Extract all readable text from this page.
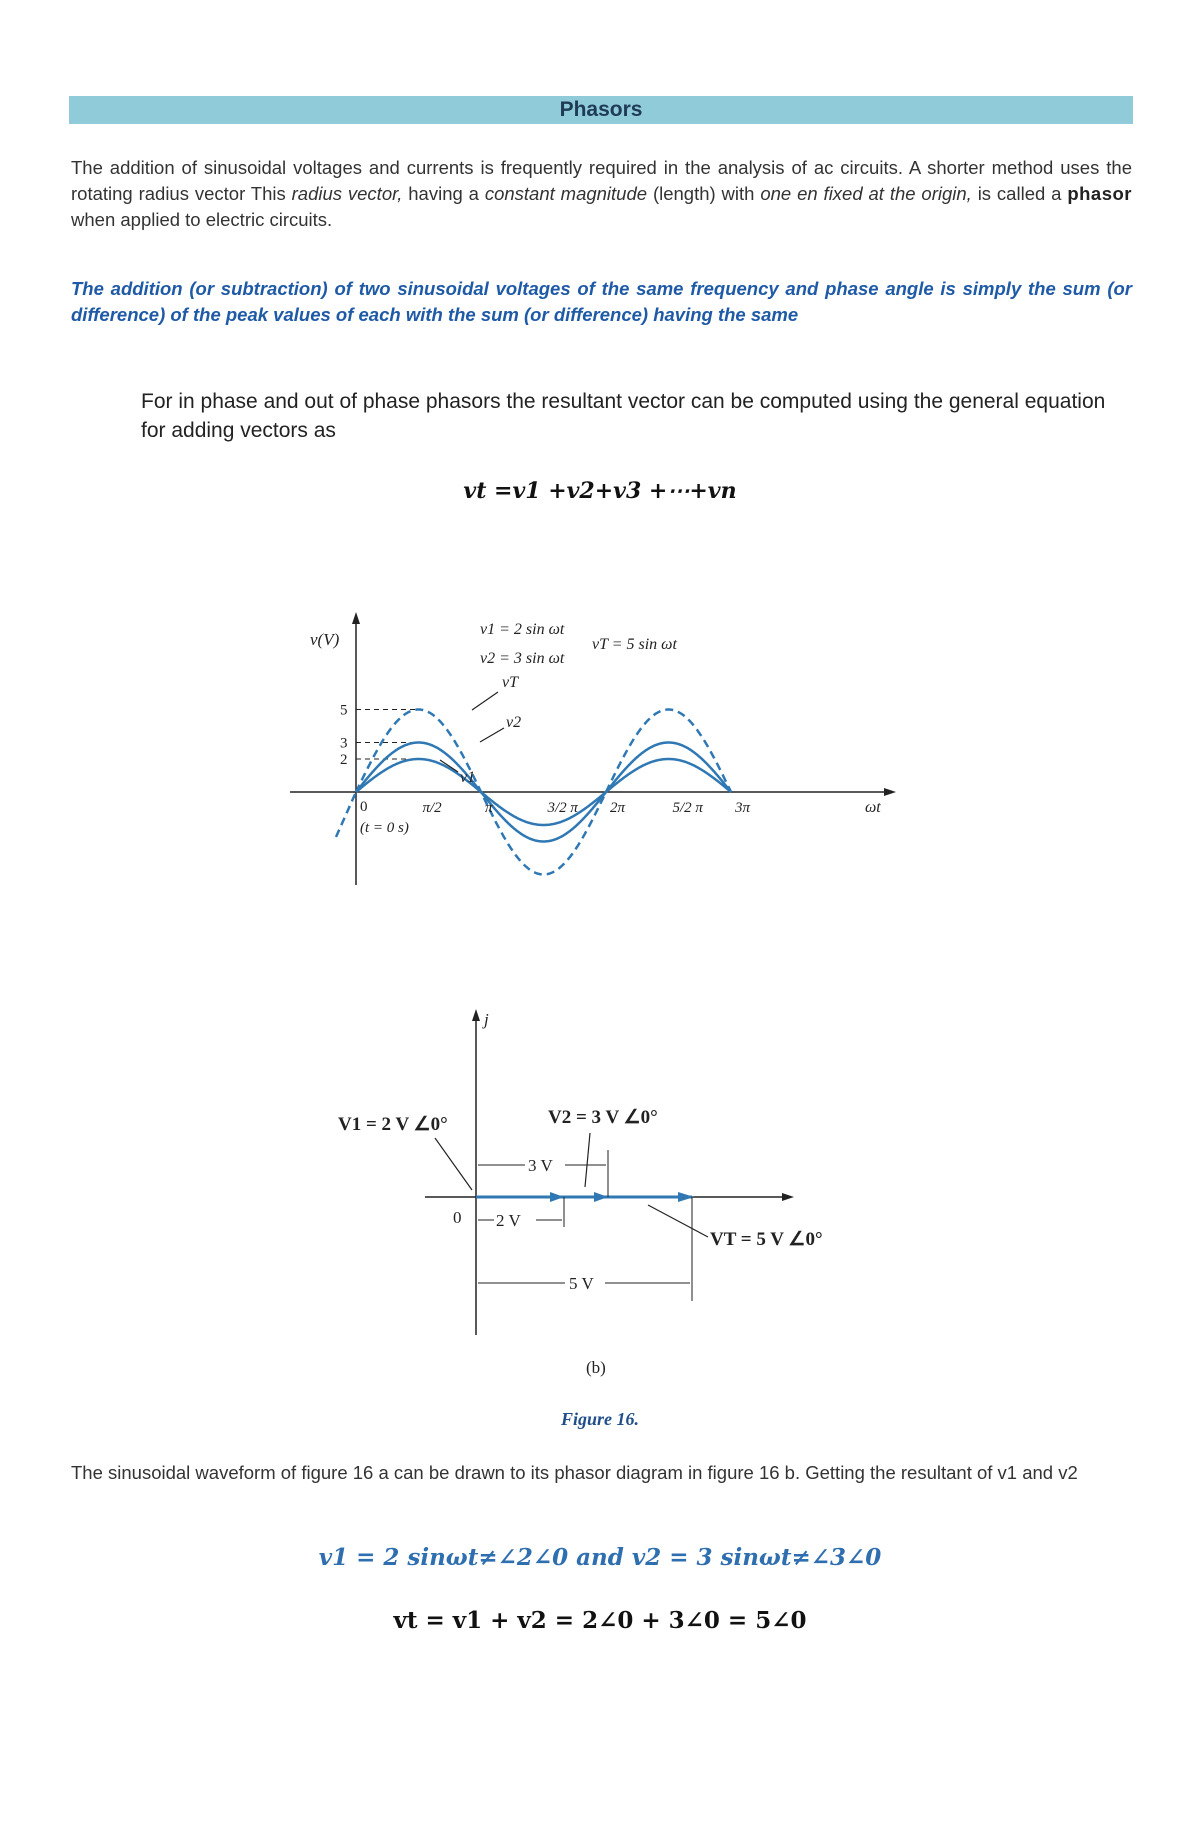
Phasors
The addition of sinusoidal voltages and currents is frequently required in the analysis of ac circuits. A shorter method uses the rotating radius vector This radius vector, having a constant magnitude (length) with one en fixed at the origin, is called a phasor when applied to electric circuits.
The addition (or subtraction) of two sinusoidal voltages of the same frequency and phase angle is simply the sum (or difference) of the peak values of each with the sum (or difference) having the same
For in phase and out of phase phasors the resultant vector can be computed using the general equation for adding vectors as
vt =v1 +v2+v3 +⋯+vn
π/2	π	3/2 π 2π	5/2 π 3π
5
3
2
v(V)
ωt
0
(t = 0 s)
v1 = 2 sin ωt
v2 = 3 sin ωt
vT = 5 sin ωt
vT
v2
v1
j
0
V1 = 2 V ∠0°	V2 = 3 V ∠0°
3 V
2 V
VT = 5 V ∠0°
5 V
(b)
Figure 16.
The sinusoidal waveform of figure 16 a can be drawn to its phasor diagram in figure 16 b. Getting the resultant of v1 and v2
v1 = 2 sinωt≠∠2∠0 and v2 = 3 sinωt≠∠3∠0
vt = v1 + v2 = 2∠0 + 3∠0 = 5∠0
